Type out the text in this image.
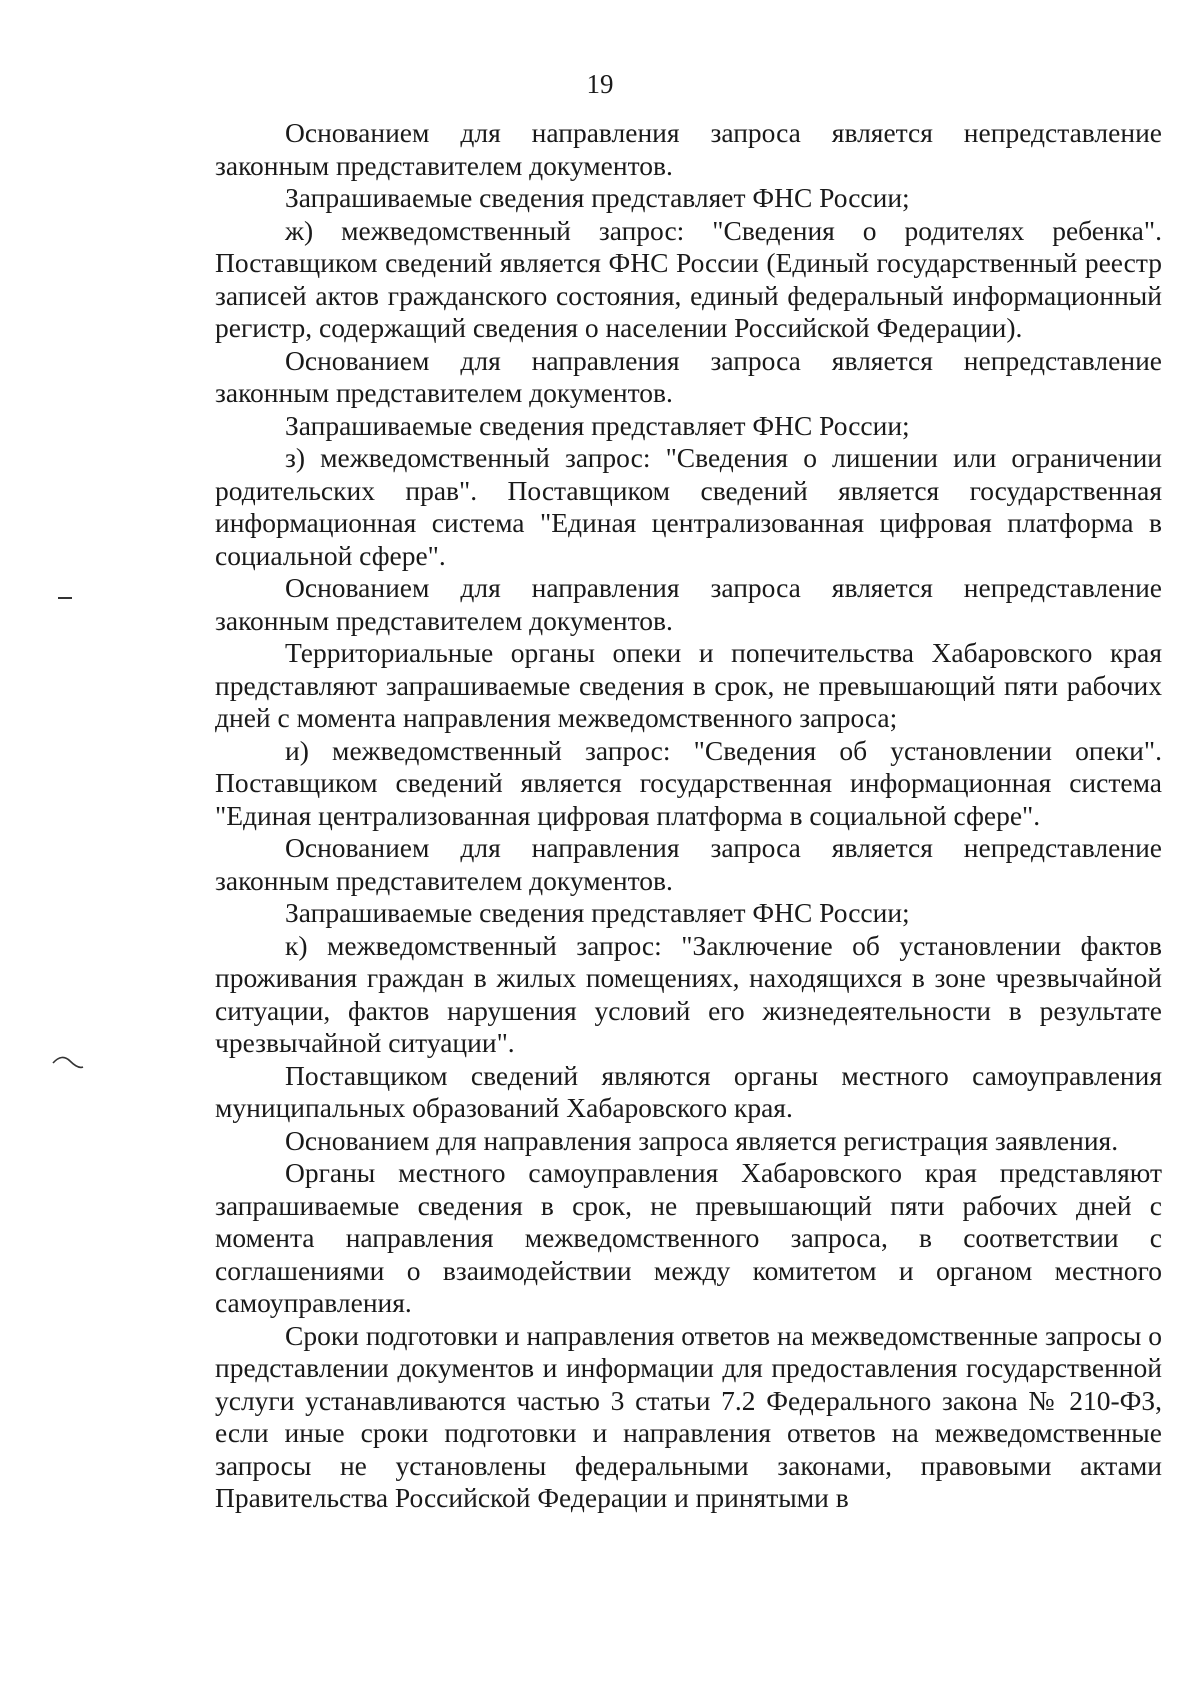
19

Основанием для направления запроса является непредставление законным представителем документов.

Запрашиваемые сведения представляет ФНС России;

ж) межведомственный запрос: "Сведения о родителях ребенка". Поставщиком сведений является ФНС России (Единый государственный реестр записей актов гражданского состояния, единый федеральный информационный регистр, содержащий сведения о населении Российской Федерации).

Основанием для направления запроса является непредставление законным представителем документов.

Запрашиваемые сведения представляет ФНС России;

з) межведомственный запрос: "Сведения о лишении или ограничении родительских прав". Поставщиком сведений является государственная информационная система "Единая централизованная цифровая платформа в социальной сфере".

Основанием для направления запроса является непредставление законным представителем документов.

Территориальные органы опеки и попечительства Хабаровского края представляют запрашиваемые сведения в срок, не превышающий пяти рабочих дней с момента направления межведомственного запроса;

и) межведомственный запрос: "Сведения об установлении опеки". Поставщиком сведений является государственная информационная система "Единая централизованная цифровая платформа в социальной сфере".

Основанием для направления запроса является непредставление законным представителем документов.

Запрашиваемые сведения представляет ФНС России;

к) межведомственный запрос: "Заключение об установлении фактов проживания граждан в жилых помещениях, находящихся в зоне чрезвычайной ситуации, фактов нарушения условий его жизнедеятельности в результате чрезвычайной ситуации".

Поставщиком сведений являются органы местного самоуправления муниципальных образований Хабаровского края.

Основанием для направления запроса является регистрация заявления.

Органы местного самоуправления Хабаровского края представляют запрашиваемые сведения в срок, не превышающий пяти рабочих дней с момента направления межведомственного запроса, в соответствии с соглашениями о взаимодействии между комитетом и органом местного самоуправления.

Сроки подготовки и направления ответов на межведомственные запросы о представлении документов и информации для предоставления государственной услуги устанавливаются частью 3 статьи 7.2 Федерального закона № 210-ФЗ, если иные сроки подготовки и направления ответов на межведомственные запросы не установлены федеральными законами, правовыми актами Правительства Российской Федерации и принятыми в
